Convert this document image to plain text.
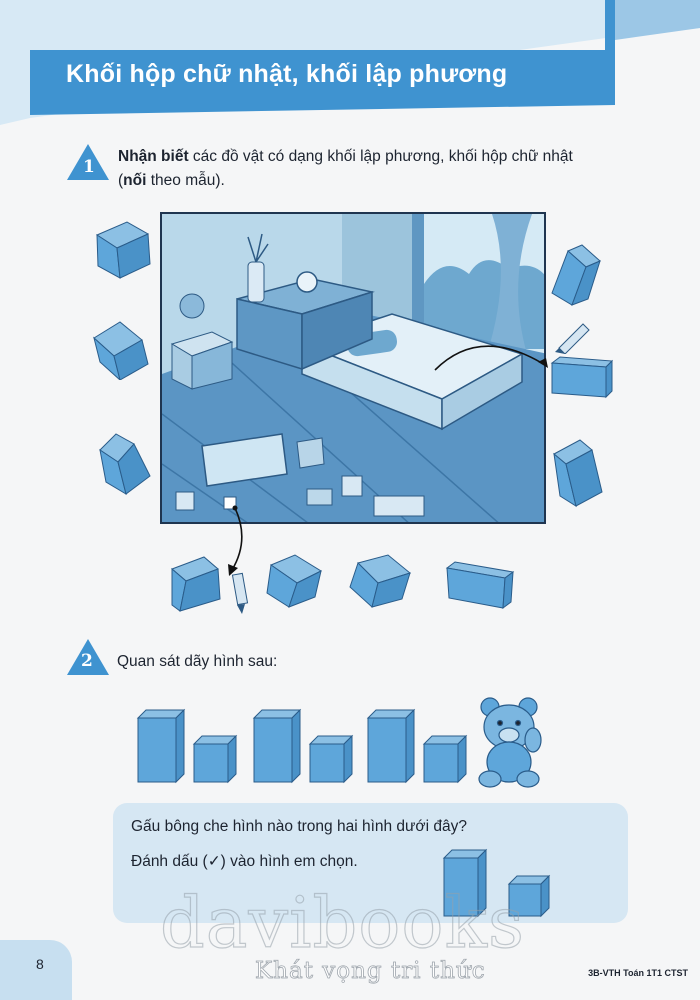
Khối hộp chữ nhật, khối lập phương
1
Nhận biết các đồ vật có dạng khối lập phương, khối hộp chữ nhật
(nối theo mẫu).
2 Quan sát dãy hình sau:
Gấu bông che hình nào trong hai hình dưới đây?
Đánh dấu (✓) vào hình em chọn.
davibooks
Khát vọng tri thức
8
3B-VTH Toán 1T1 CTST
